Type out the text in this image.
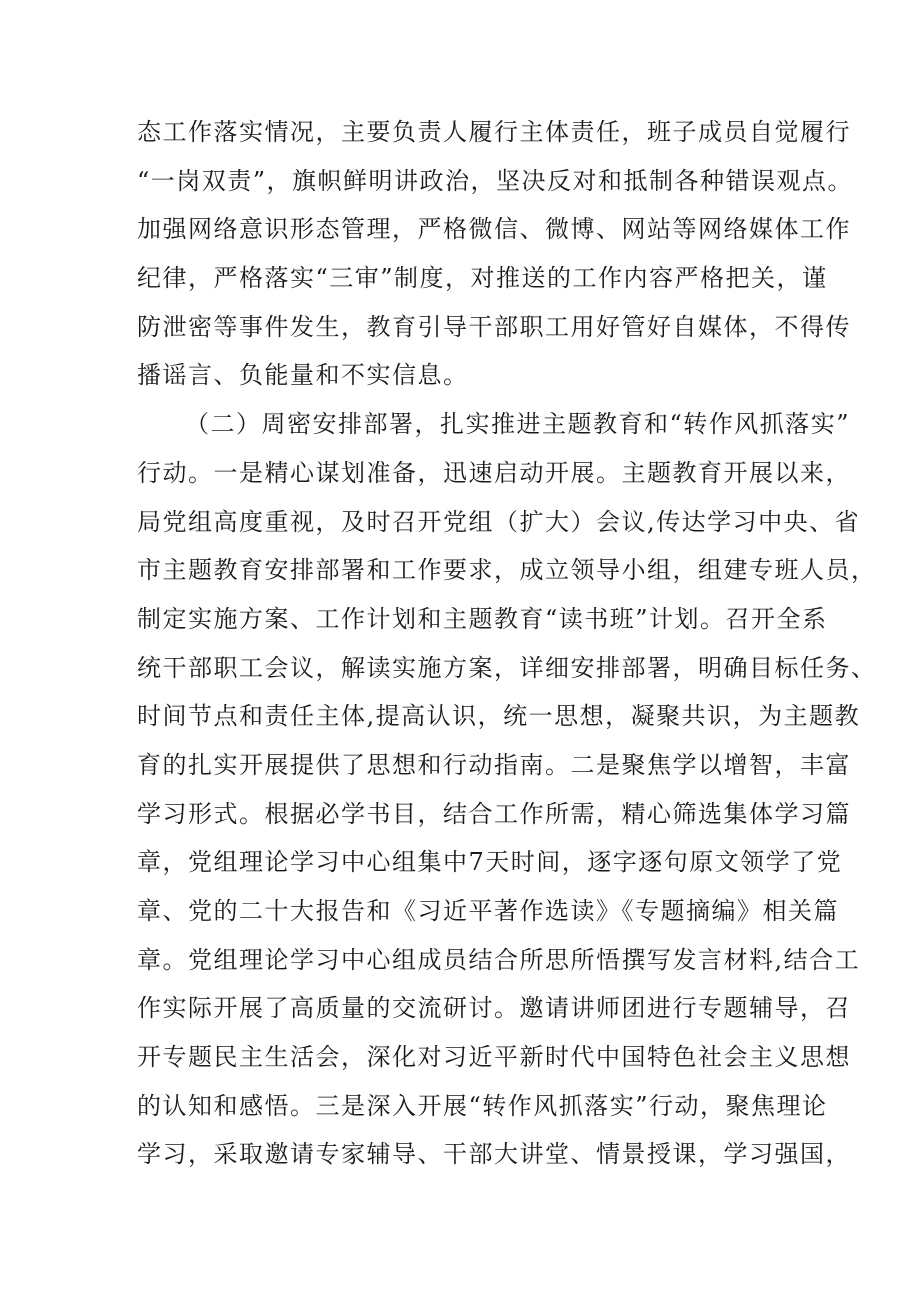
态工作落实情况，主要负责人履行主体责任，班子成员自觉履行
“一岗双责”，旗帜鲜明讲政治，坚决反对和抵制各种错误观点。
加强网络意识形态管理，严格微信、微博、网站等网络媒体工作
纪律，严格落实“三审”制度，对推送的工作内容严格把关，谨
防泄密等事件发生，教育引导干部职工用好管好自媒体，不得传
播谣言、负能量和不实信息。
（二）周密安排部署，扎实推进主题教育和“转作风抓落实”
行动。一是精心谋划准备，迅速启动开展。主题教育开展以来，
局党组高度重视，及时召开党组（扩大）会议,传达学习中央、省
市主题教育安排部署和工作要求，成立领导小组，组建专班人员，
制定实施方案、工作计划和主题教育“读书班”计划。召开全系
统干部职工会议，解读实施方案，详细安排部署，明确目标任务、
时间节点和责任主体,提高认识，统一思想，凝聚共识，为主题教
育的扎实开展提供了思想和行动指南。二是聚焦学以增智，丰富
学习形式。根据必学书目，结合工作所需，精心筛选集体学习篇
章，党组理论学习中心组集中7天时间，逐字逐句原文领学了党
章、党的二十大报告和《习近平著作选读》《专题摘编》相关篇
章。党组理论学习中心组成员结合所思所悟撰写发言材料,结合工
作实际开展了高质量的交流研讨。邀请讲师团进行专题辅导，召
开专题民主生活会，深化对习近平新时代中国特色社会主义思想
的认知和感悟。三是深入开展“转作风抓落实”行动，聚焦理论
学习，采取邀请专家辅导、干部大讲堂、情景授课，学习强国，
